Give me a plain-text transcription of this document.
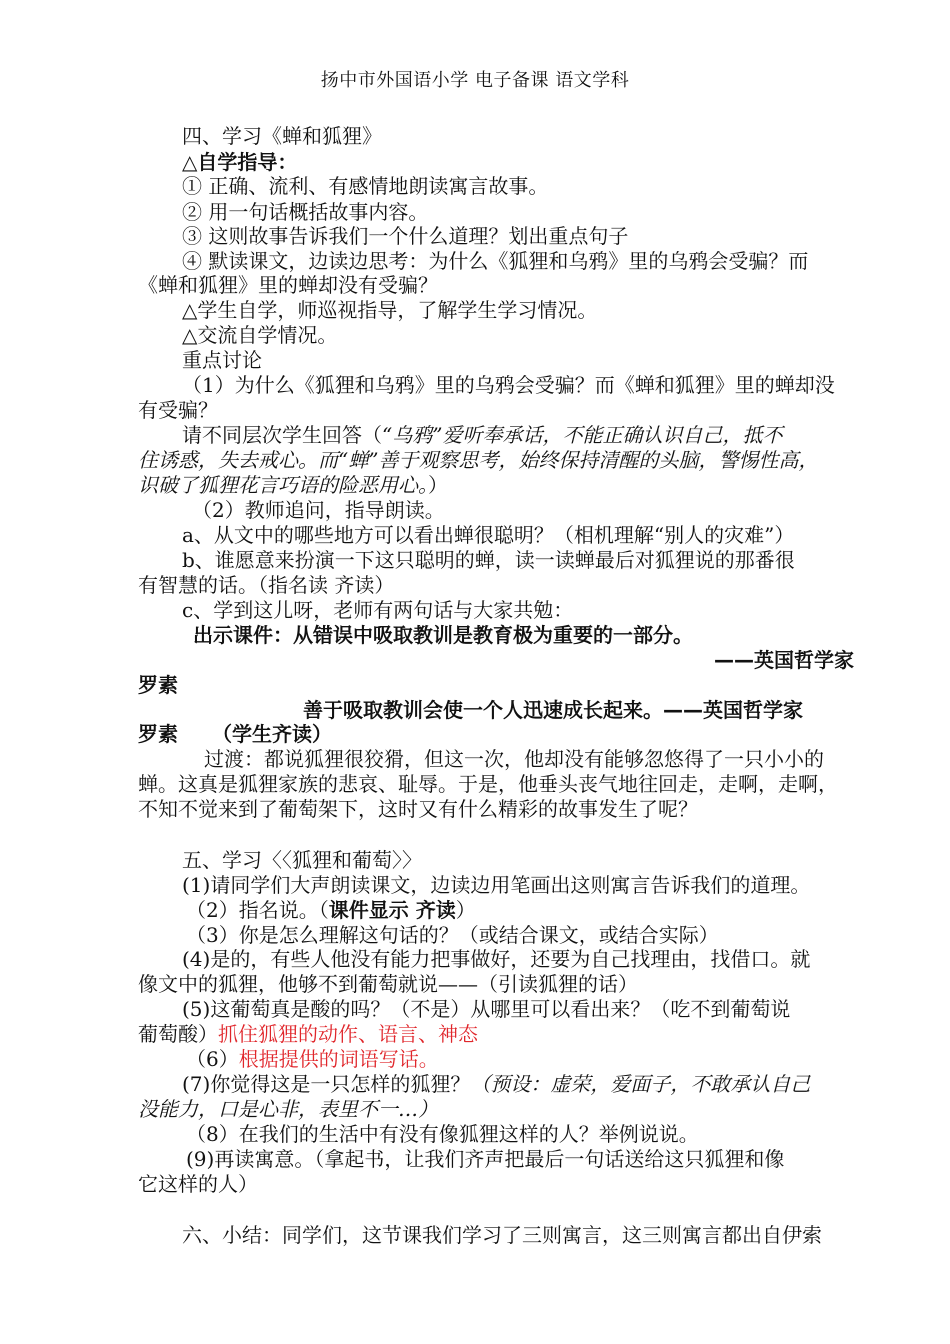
扬中市外国语小学 电子备课 语文学科
四、学习《蝉和狐狸》
△自学指导：
① 正确、流利、有感情地朗读寓言故事。
② 用一句话概括故事内容。
③ 这则故事告诉我们一个什么道理？划出重点句子
④ 默读课文，边读边思考：为什么《狐狸和乌鸦》里的乌鸦会受骗？而
《蝉和狐狸》里的蝉却没有受骗？
△学生自学，师巡视指导，了解学生学习情况。
△交流自学情况。
重点讨论
（1）为什么《狐狸和乌鸦》里的乌鸦会受骗？而《蝉和狐狸》里的蝉却没
有受骗？
请不同层次学生回答（“乌鸦”爱听奉承话，不能正确认识自己，抵不
住诱惑，失去戒心。而“蝉”善于观察思考，始终保持清醒的头脑，警惕性高，
识破了狐狸花言巧语的险恶用心。）
（2）教师追问，指导朗读。
a、从文中的哪些地方可以看出蝉很聪明？（相机理解“别人的灾难”）
b、谁愿意来扮演一下这只聪明的蝉，读一读蝉最后对狐狸说的那番很
有智慧的话。（指名读 齐读）
c、学到这儿呀，老师有两句话与大家共勉：
出示课件：从错误中吸取教训是教育极为重要的一部分。
——英国哲学家
罗素
善于吸取教训会使一个人迅速成长起来。——英国哲学家
罗素 （学生齐读）
过渡：都说狐狸很狡猾，但这一次，他却没有能够忽悠得了一只小小的
蝉。这真是狐狸家族的悲哀、耻辱。于是，他垂头丧气地往回走，走啊，走啊，
不知不觉来到了葡萄架下，这时又有什么精彩的故事发生了呢？
五、学习〈〈狐狸和葡萄〉〉
(1)请同学们大声朗读课文，边读边用笔画出这则寓言告诉我们的道理。
（2）指名说。（课件显示 齐读）
（3）你是怎么理解这句话的？（或结合课文，或结合实际）
(4)是的，有些人他没有能力把事做好，还要为自己找理由，找借口。就
像文中的狐狸，他够不到葡萄就说——（引读狐狸的话）
(5)这葡萄真是酸的吗？（不是）从哪里可以看出来？（吃不到葡萄说
葡萄酸）抓住狐狸的动作、语言、神态
（6）根据提供的词语写话。
(7)你觉得这是一只怎样的狐狸？（预设：虚荣，爱面子，不敢承认自己
没能力，口是心非，表里不一…）
（8）在我们的生活中有没有像狐狸这样的人？举例说说。
(9)再读寓意。（拿起书，让我们齐声把最后一句话送给这只狐狸和像
它这样的人）
六、小结：同学们，这节课我们学习了三则寓言，这三则寓言都出自伊索
